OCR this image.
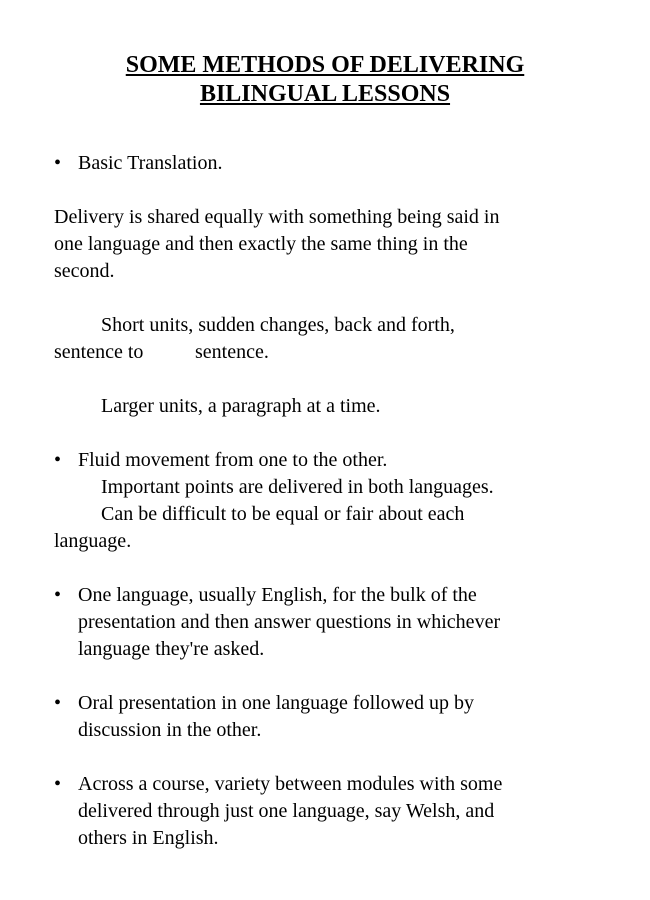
SOME METHODS OF DELIVERING
BILINGUAL LESSONS
• Basic Translation.
Delivery is shared equally with something being said in
one language and then exactly the same thing in the
second.
Short units, sudden changes, back and forth,
sentence to	sentence.
Larger units, a paragraph at a time.
• Fluid movement from one to the other.
Important points are delivered in both languages.
Can be difficult to be equal or fair about each
language.
• One language, usually English, for the bulk of the
presentation and then answer questions in whichever
language they're asked.
• Oral presentation in one language followed up by
discussion in the other.
• Across a course, variety between modules with some
delivered through just one language, say Welsh, and
others in English.
